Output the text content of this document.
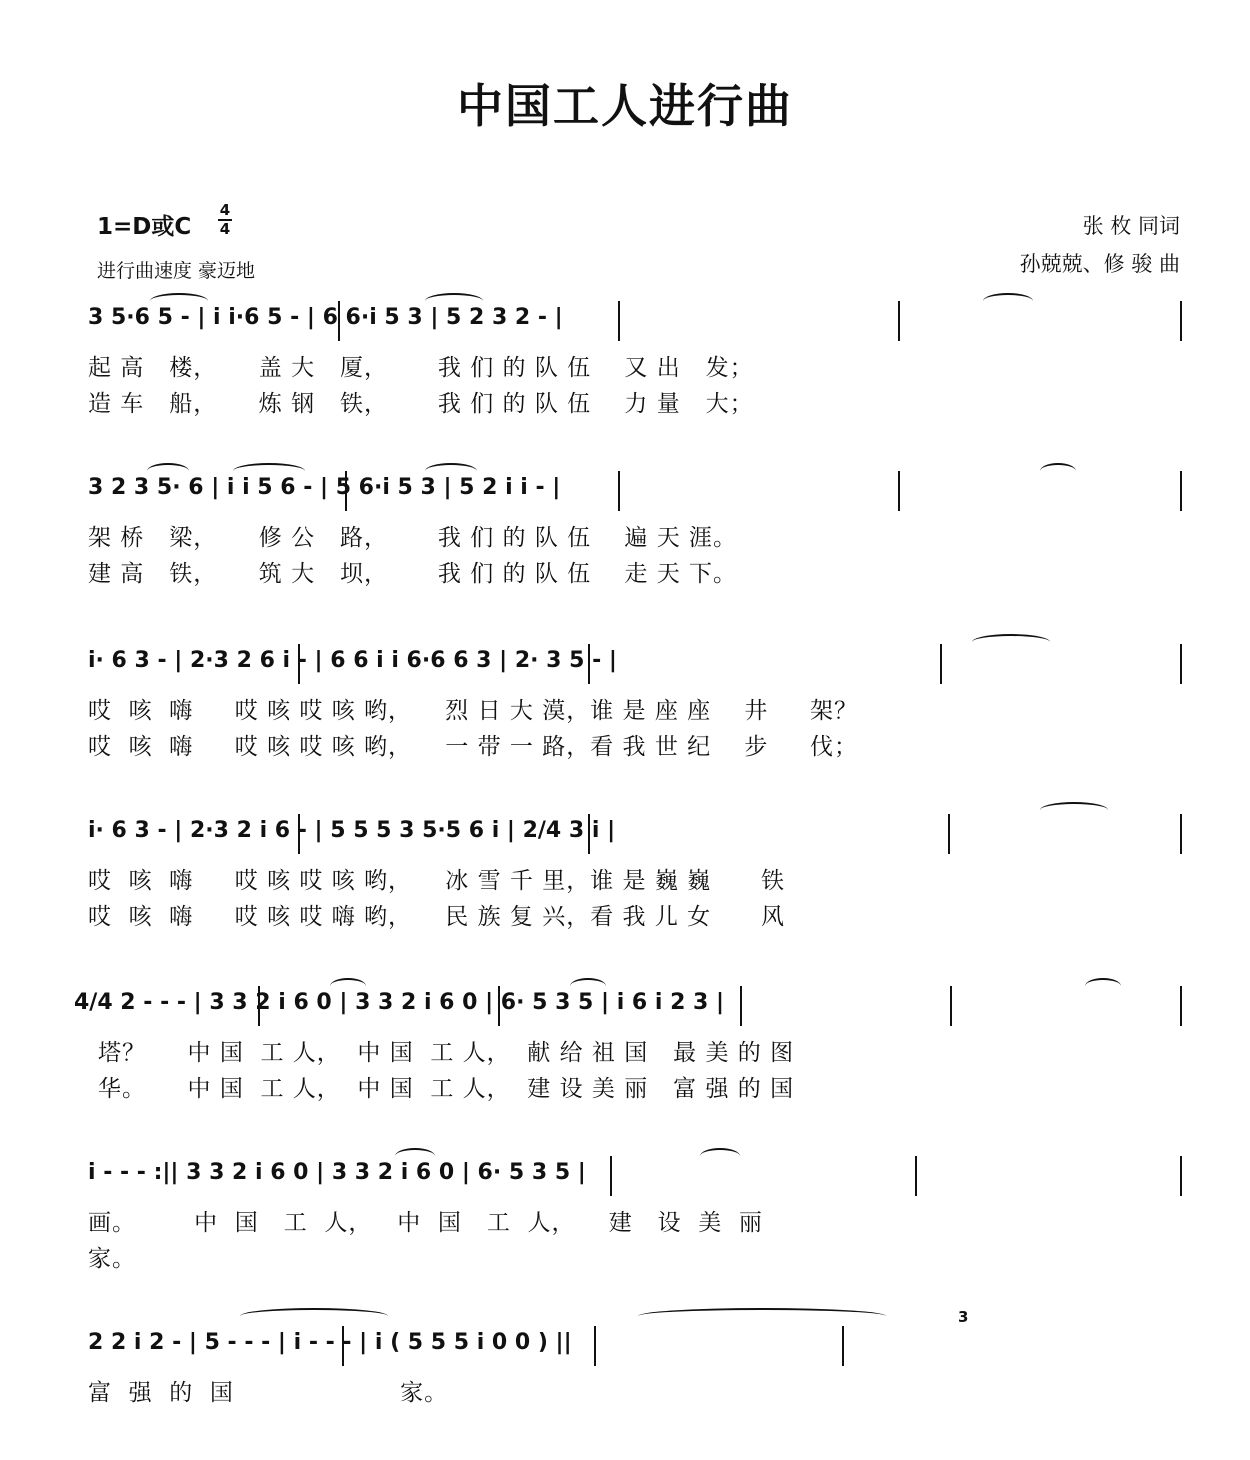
中国工人进行曲
1=D或C
4
4
进行曲速度 豪迈地
张 枚 同词
孙兢兢、修 骏 曲
3 5·6 5 - | i i·6 5 - | 6 6·i 5 3 | 5 2 3 2 - |
起 高   楼，     盖 大   厦，      我 们 的 队 伍    又 出   发；
造 车   船，     炼 钢   铁，      我 们 的 队 伍    力 量   大；
3 2 3 5· 6 | i i 5 6 - | 5 6·i 5 3 | 5 2 i i - |
架 桥   梁，     修 公   路，      我 们 的 队 伍    遍 天 涯。
建 高   铁，     筑 大   坝，      我 们 的 队 伍    走 天 下。
i· 6 3 - | 2·3 2 6 i - | 6 6 i i 6·6 6 3 | 2· 3 5 - |
哎  咳  嗨     哎 咳 哎 咳 哟，    烈 日 大 漠，谁 是 座 座    井     架？
哎  咳  嗨     哎 咳 哎 咳 哟，    一 带 一 路，看 我 世 纪    步     伐；
i· 6 3 - | 2·3 2 i 6 - | 5 5 5 3 5·5 6 i | 2/4 3 i |
哎  咳  嗨     哎 咳 哎 咳 哟，    冰 雪 千 里，谁 是 巍 巍      铁
哎  咳  嗨     哎 咳 哎 嗨 哟，    民 族 复 兴，看 我 儿 女      风
4/4 2 - - - | 3 3 2 i 6 0 | 3 3 2 i 6 0 | 6· 5 3 5 | i 6 i 2 3 |
塔？     中 国  工 人，  中 国  工 人，  献 给 祖 国   最 美 的 图
华。     中 国  工 人，  中 国  工 人，  建 设 美 丽   富 强 的 国
i - - - :|| 3 3 2 i 6 0 | 3 3 2 i 6 0 | 6· 5 3 5 |
画。       中  国   工  人，   中  国   工  人，    建   设  美  丽
家。
2 2 i 2 - | 5 - - - | i - - - | i ( 5 5 5 i 0 0 ) ||
3
富  强  的  国                    家。
